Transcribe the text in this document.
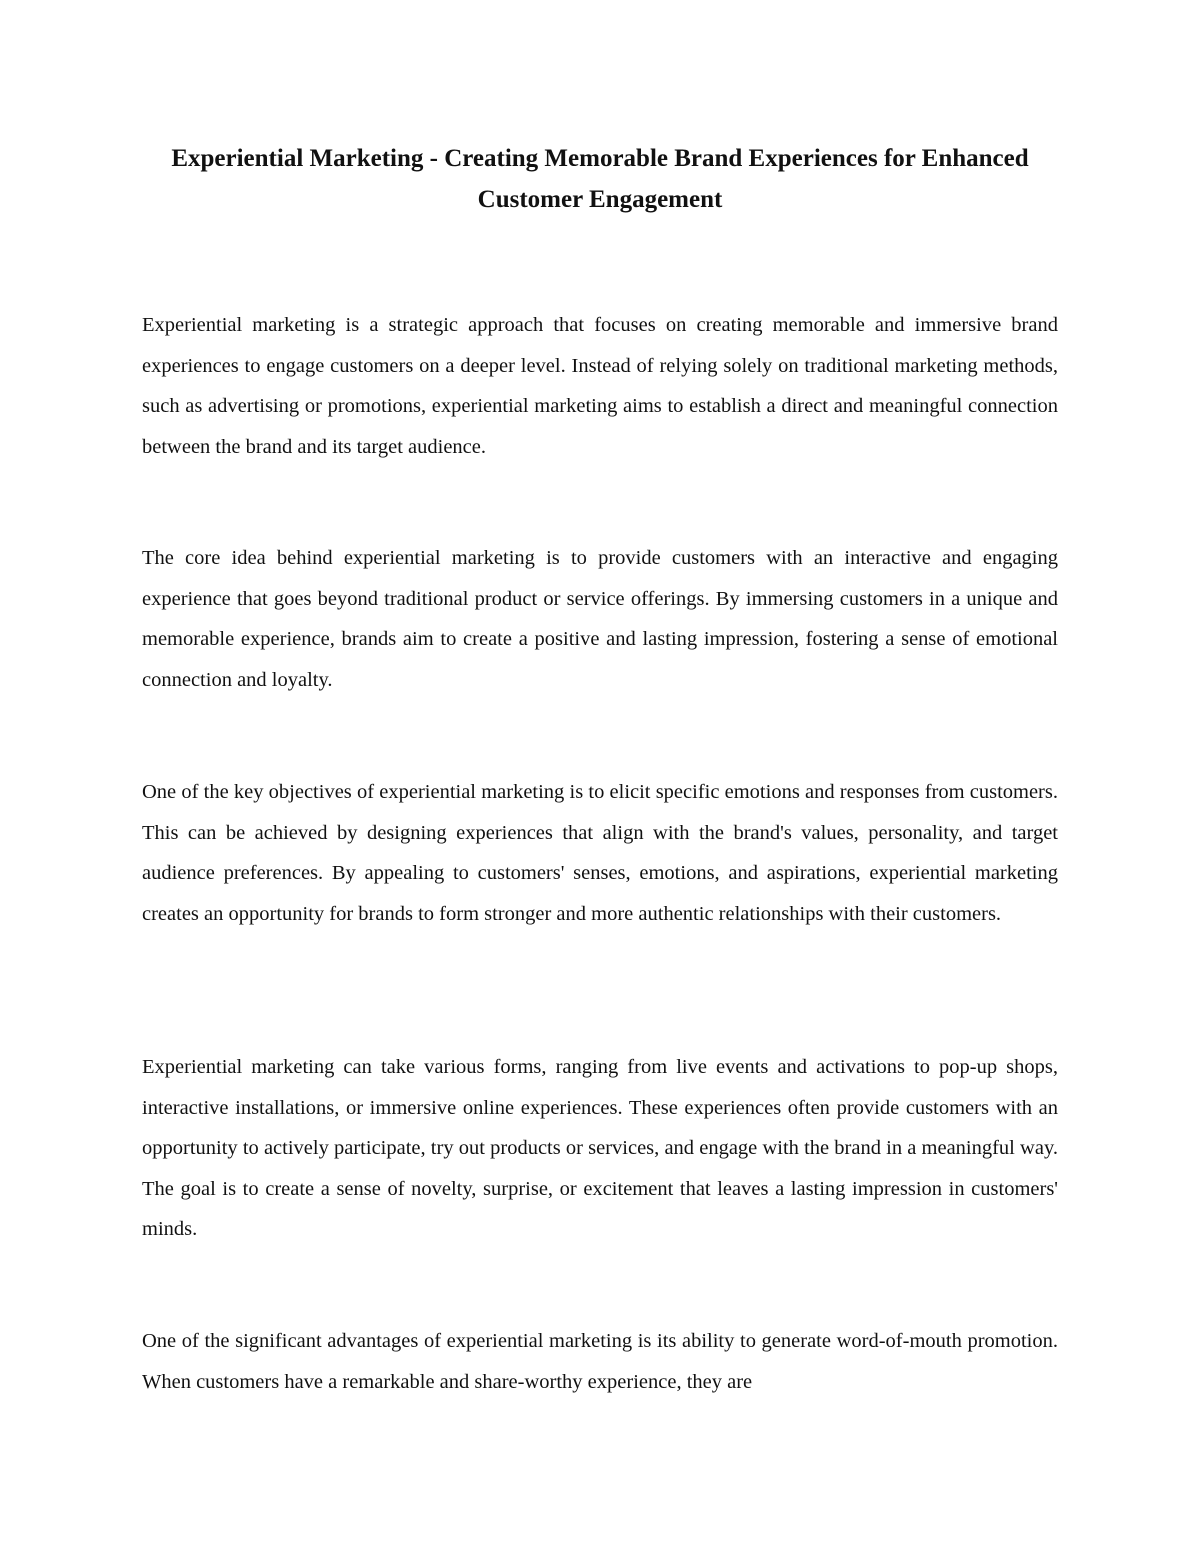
Experiential Marketing - Creating Memorable Brand Experiences for Enhanced Customer Engagement

Experiential marketing is a strategic approach that focuses on creating memorable and immersive brand experiences to engage customers on a deeper level. Instead of relying solely on traditional marketing methods, such as advertising or promotions, experiential marketing aims to establish a direct and meaningful connection between the brand and its target audience.

The core idea behind experiential marketing is to provide customers with an interactive and engaging experience that goes beyond traditional product or service offerings. By immersing customers in a unique and memorable experience, brands aim to create a positive and lasting impression, fostering a sense of emotional connection and loyalty.

One of the key objectives of experiential marketing is to elicit specific emotions and responses from customers. This can be achieved by designing experiences that align with the brand's values, personality, and target audience preferences. By appealing to customers' senses, emotions, and aspirations, experiential marketing creates an opportunity for brands to form stronger and more authentic relationships with their customers.

Experiential marketing can take various forms, ranging from live events and activations to pop-up shops, interactive installations, or immersive online experiences. These experiences often provide customers with an opportunity to actively participate, try out products or services, and engage with the brand in a meaningful way. The goal is to create a sense of novelty, surprise, or excitement that leaves a lasting impression in customers' minds.

One of the significant advantages of experiential marketing is its ability to generate word-of-mouth promotion. When customers have a remarkable and share-worthy experience, they are
